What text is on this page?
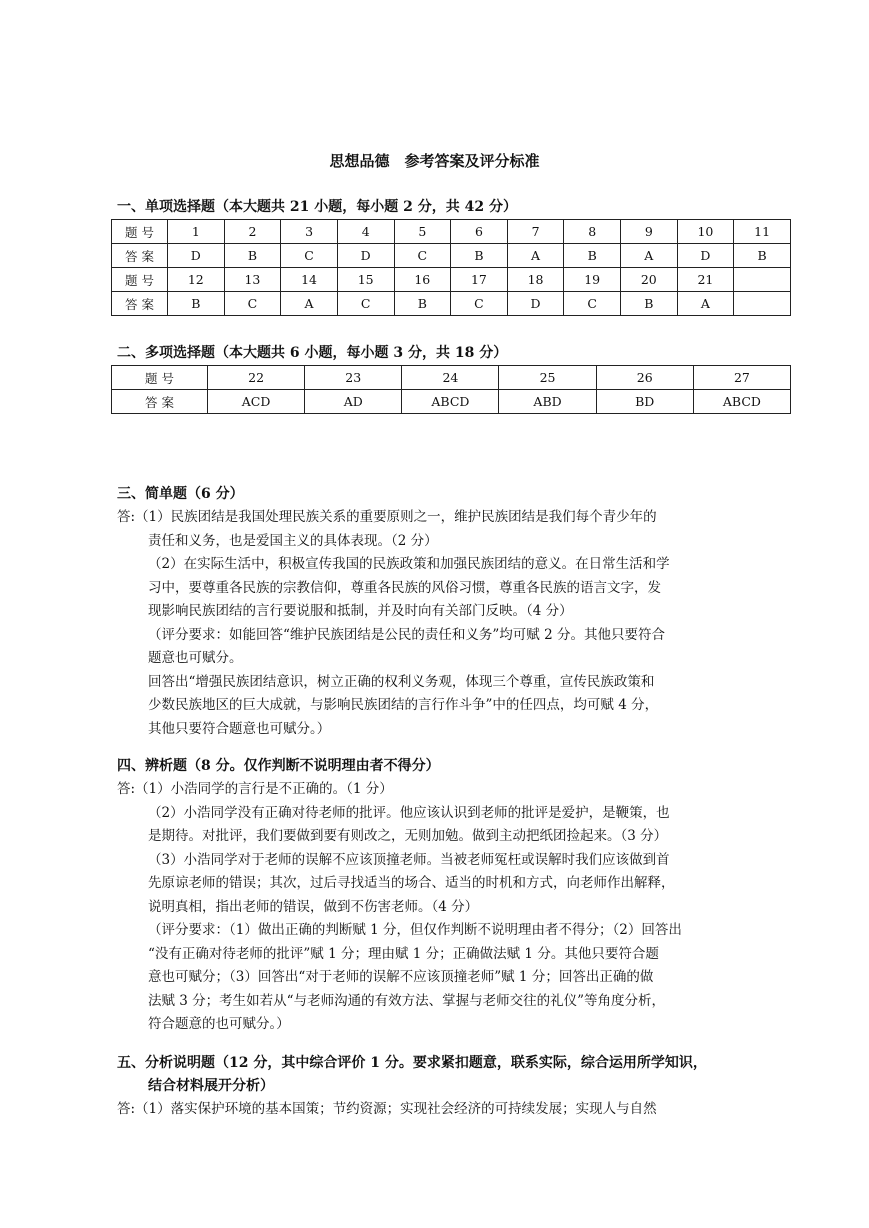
思想品德　参考答案及评分标准
一、单项选择题（本大题共 21 小题，每小题 2 分，共 42 分）
题 号	1	2	3	4	5	6	7	8	9	10	11
答 案	D	B	C	D	C	B	A	B	A	D	B
题 号	12	13	14	15	16	17	18	19	20	21	
答 案	B	C	A	C	B	C	D	C	B	A	
二、多项选择题（本大题共 6 小题，每小题 3 分，共 18 分）
题 号	22	23	24	25	26	27
答 案	ACD	AD	ABCD	ABD	BD	ABCD
三、简单题（6 分）

答:（1）民族团结是我国处理民族关系的重要原则之一，维护民族团结是我们每个青少年的

责任和义务，也是爱国主义的具体表现。（2 分）

（2）在实际生活中，积极宣传我国的民族政策和加强民族团结的意义。在日常生活和学

习中，要尊重各民族的宗教信仰，尊重各民族的风俗习惯，尊重各民族的语言文字，发

现影响民族团结的言行要说服和抵制，并及时向有关部门反映。（4 分）

（评分要求：如能回答“维护民族团结是公民的责任和义务”均可赋 2 分。其他只要符合

题意也可赋分。

回答出“增强民族团结意识，树立正确的权利义务观，体现三个尊重，宣传民族政策和

少数民族地区的巨大成就，与影响民族团结的言行作斗争”中的任四点，均可赋 4 分，

其他只要符合题意也可赋分。）

四、辨析题（8 分。仅作判断不说明理由者不得分）

答:（1）小浩同学的言行是不正确的。（1 分）

（2）小浩同学没有正确对待老师的批评。他应该认识到老师的批评是爱护，是鞭策，也

是期待。对批评，我们要做到要有则改之，无则加勉。做到主动把纸团捡起来。（3 分）

（3）小浩同学对于老师的误解不应该顶撞老师。当被老师冤枉或误解时我们应该做到首

先原谅老师的错误；其次，过后寻找适当的场合、适当的时机和方式，向老师作出解释，

说明真相，指出老师的错误，做到不伤害老师。（4 分）

（评分要求：（1）做出正确的判断赋 1 分，但仅作判断不说明理由者不得分；（2）回答出

“没有正确对待老师的批评”赋 1 分；理由赋 1 分；正确做法赋 1 分。其他只要符合题

意也可赋分；（3）回答出“对于老师的误解不应该顶撞老师”赋 1 分；回答出正确的做

法赋 3 分；考生如若从“与老师沟通的有效方法、掌握与老师交往的礼仪”等角度分析，

符合题意的也可赋分。）

五、分析说明题（12 分，其中综合评价 1 分。要求紧扣题意，联系实际，综合运用所学知识，
结合材料展开分析）

答:（1）落实保护环境的基本国策；节约资源；实现社会经济的可持续发展；实现人与自然
